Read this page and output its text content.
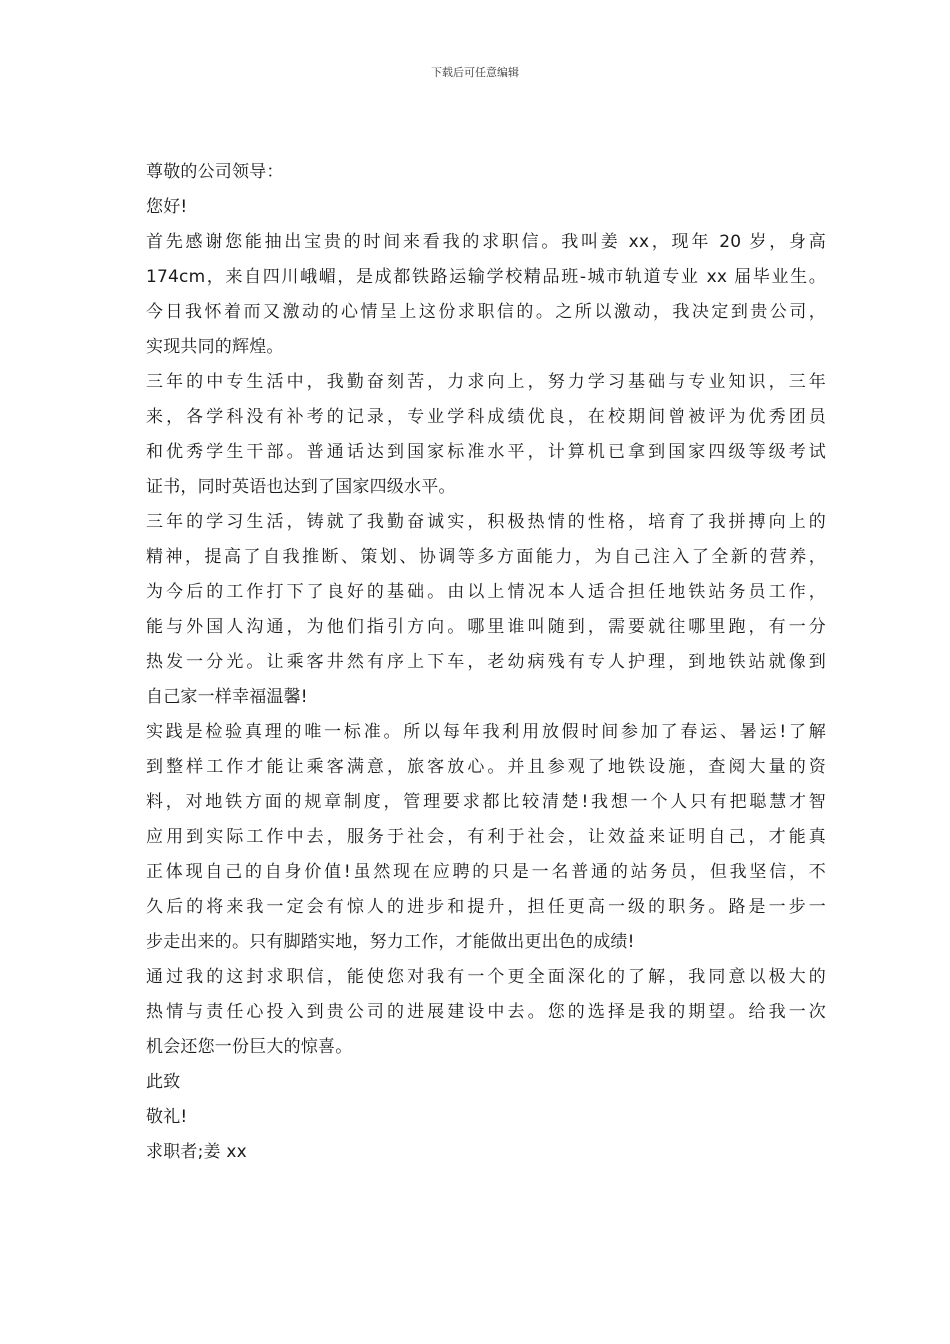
下载后可任意编辑
尊敬的公司领导：
您好!
首先感谢您能抽出宝贵的时间来看我的求职信。我叫姜 xx，现年 20 岁，身高
174cm，来自四川峨嵋，是成都铁路运输学校精品班-城市轨道专业 xx 届毕业生。
今日我怀着而又激动的心情呈上这份求职信的。之所以激动，我决定到贵公司，
实现共同的辉煌。
三年的中专生活中，我勤奋刻苦，力求向上，努力学习基础与专业知识，三年
来，各学科没有补考的记录，专业学科成绩优良，在校期间曾被评为优秀团员
和优秀学生干部。普通话达到国家标准水平，计算机已拿到国家四级等级考试
证书，同时英语也达到了国家四级水平。
三年的学习生活，铸就了我勤奋诚实，积极热情的性格，培育了我拼搏向上的
精神，提高了自我推断、策划、协调等多方面能力，为自己注入了全新的营养，
为今后的工作打下了良好的基础。由以上情况本人适合担任地铁站务员工作，
能与外国人沟通，为他们指引方向。哪里谁叫随到，需要就往哪里跑，有一分
热发一分光。让乘客井然有序上下车，老幼病残有专人护理，到地铁站就像到
自己家一样幸福温馨!
实践是检验真理的唯一标准。所以每年我利用放假时间参加了春运、暑运!了解
到整样工作才能让乘客满意，旅客放心。并且参观了地铁设施，查阅大量的资
料，对地铁方面的规章制度，管理要求都比较清楚!我想一个人只有把聪慧才智
应用到实际工作中去，服务于社会，有利于社会，让效益来证明自己，才能真
正体现自己的自身价值!虽然现在应聘的只是一名普通的站务员，但我坚信，不
久后的将来我一定会有惊人的进步和提升，担任更高一级的职务。路是一步一
步走出来的。只有脚踏实地，努力工作，才能做出更出色的成绩!
通过我的这封求职信，能使您对我有一个更全面深化的了解，我同意以极大的
热情与责任心投入到贵公司的进展建设中去。您的选择是我的期望。给我一次
机会还您一份巨大的惊喜。
此致
敬礼!
求职者;姜 xx
